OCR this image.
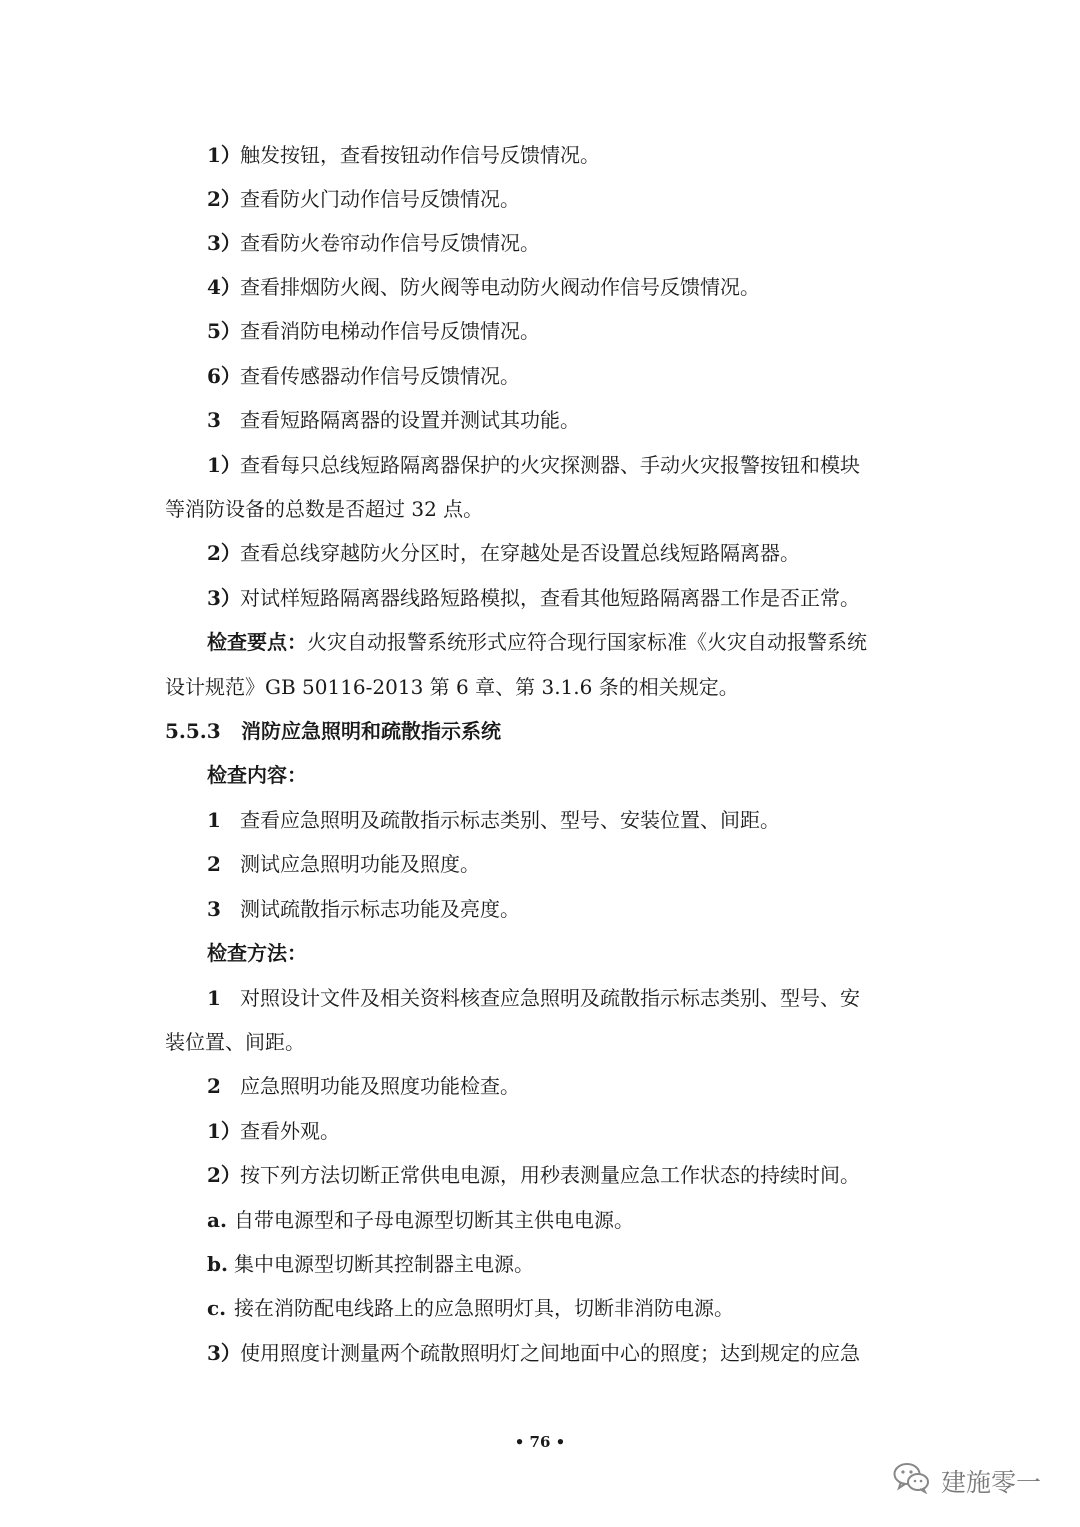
1）触发按钮，查看按钮动作信号反馈情况。
2）查看防火门动作信号反馈情况。
3）查看防火卷帘动作信号反馈情况。
4）查看排烟防火阀、防火阀等电动防火阀动作信号反馈情况。
5）查看消防电梯动作信号反馈情况。
6）查看传感器动作信号反馈情况。
3 查看短路隔离器的设置并测试其功能。
1）查看每只总线短路隔离器保护的火灾探测器、手动火灾报警按钮和模块
等消防设备的总数是否超过 32 点。
2）查看总线穿越防火分区时，在穿越处是否设置总线短路隔离器。
3）对试样短路隔离器线路短路模拟，查看其他短路隔离器工作是否正常。
检查要点：火灾自动报警系统形式应符合现行国家标准《火灾自动报警系统
设计规范》GB 50116-2013 第 6 章、第 3.1.6 条的相关规定。
5.5.3 消防应急照明和疏散指示系统
检查内容：
1 查看应急照明及疏散指示标志类别、型号、安装位置、间距。
2 测试应急照明功能及照度。
3 测试疏散指示标志功能及亮度。
检查方法：
1 对照设计文件及相关资料核查应急照明及疏散指示标志类别、型号、安
装位置、间距。
2 应急照明功能及照度功能检查。
1）查看外观。
2）按下列方法切断正常供电电源，用秒表测量应急工作状态的持续时间。
a. 自带电源型和子母电源型切断其主供电电源。
b. 集中电源型切断其控制器主电源。
c. 接在消防配电线路上的应急照明灯具，切断非消防电源。
3）使用照度计测量两个疏散照明灯之间地面中心的照度；达到规定的应急
• 76 •
建施零一
